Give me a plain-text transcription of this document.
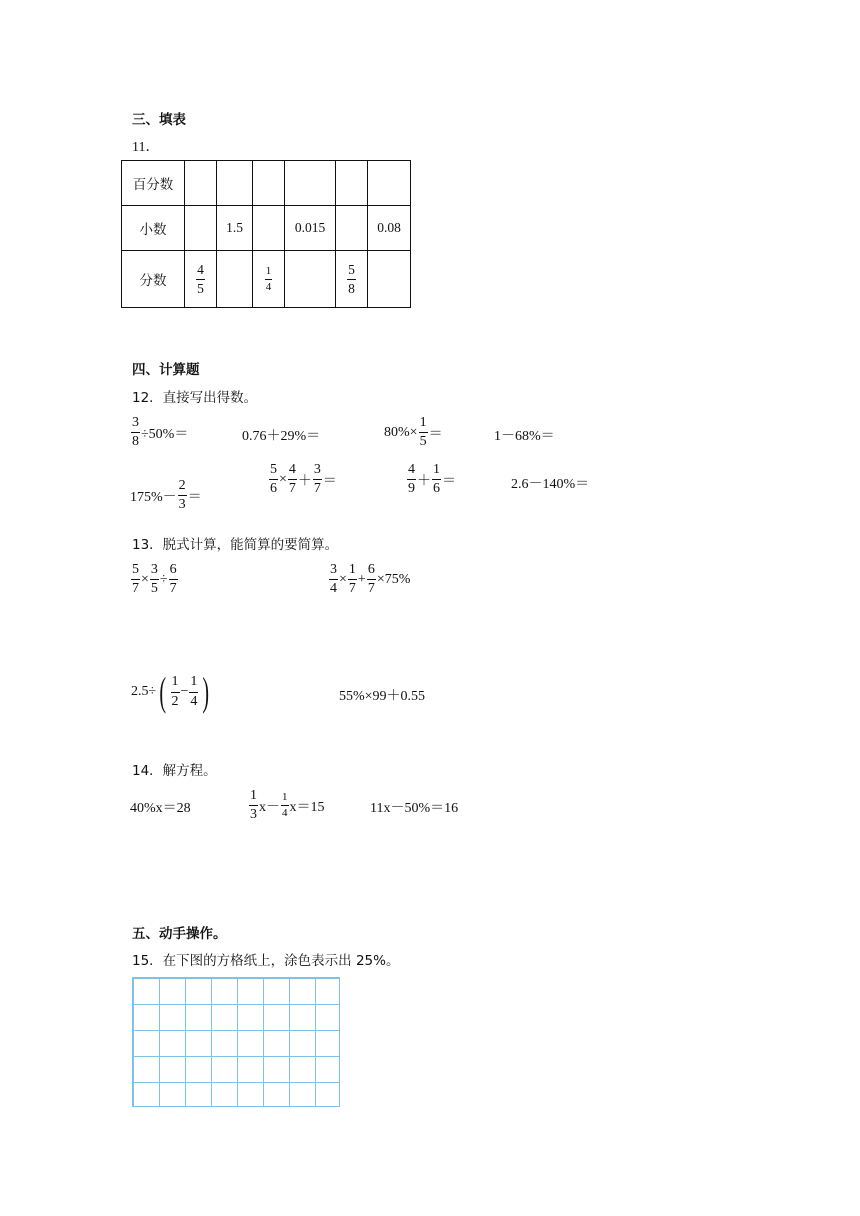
三、填表
11．
百分数						
小数		1.5		0.015		0.08
分数	$\frac{4}{5}$		$\frac{1}{4}$		$\frac{5}{8}$

四、计算题
12．直接写出得数。
$\frac{3}{8} \div 50\%=$	0.76＋29%＝	$80\%\times \frac{1}{5}$ ＝	1－68%＝
$175\%- \frac{2}{3}$ ＝	$\frac{5}{6} \times \frac{4}{7} + \frac{3}{7}$ ＝	$\frac{4}{9} + \frac{1}{6}$ ＝	2.6－140%＝
13．脱式计算，能简算的要简算。
$\frac{5}{7} \times \frac{3}{5} \div \frac{6}{7}$	$\frac{3}{4} \times \frac{1}{7} + \frac{6}{7} \times 75\%$
2.5÷ ( $\frac{1}{2} - \frac{1}{4}$ )	55%×99＋0.55
14．解方程。
40%x＝28	$\frac{1}{3} x- \frac{1}{4} x=15$	11x－50%＝16
五、动手操作。
15．在下图的方格纸上，涂色表示出 25%。
